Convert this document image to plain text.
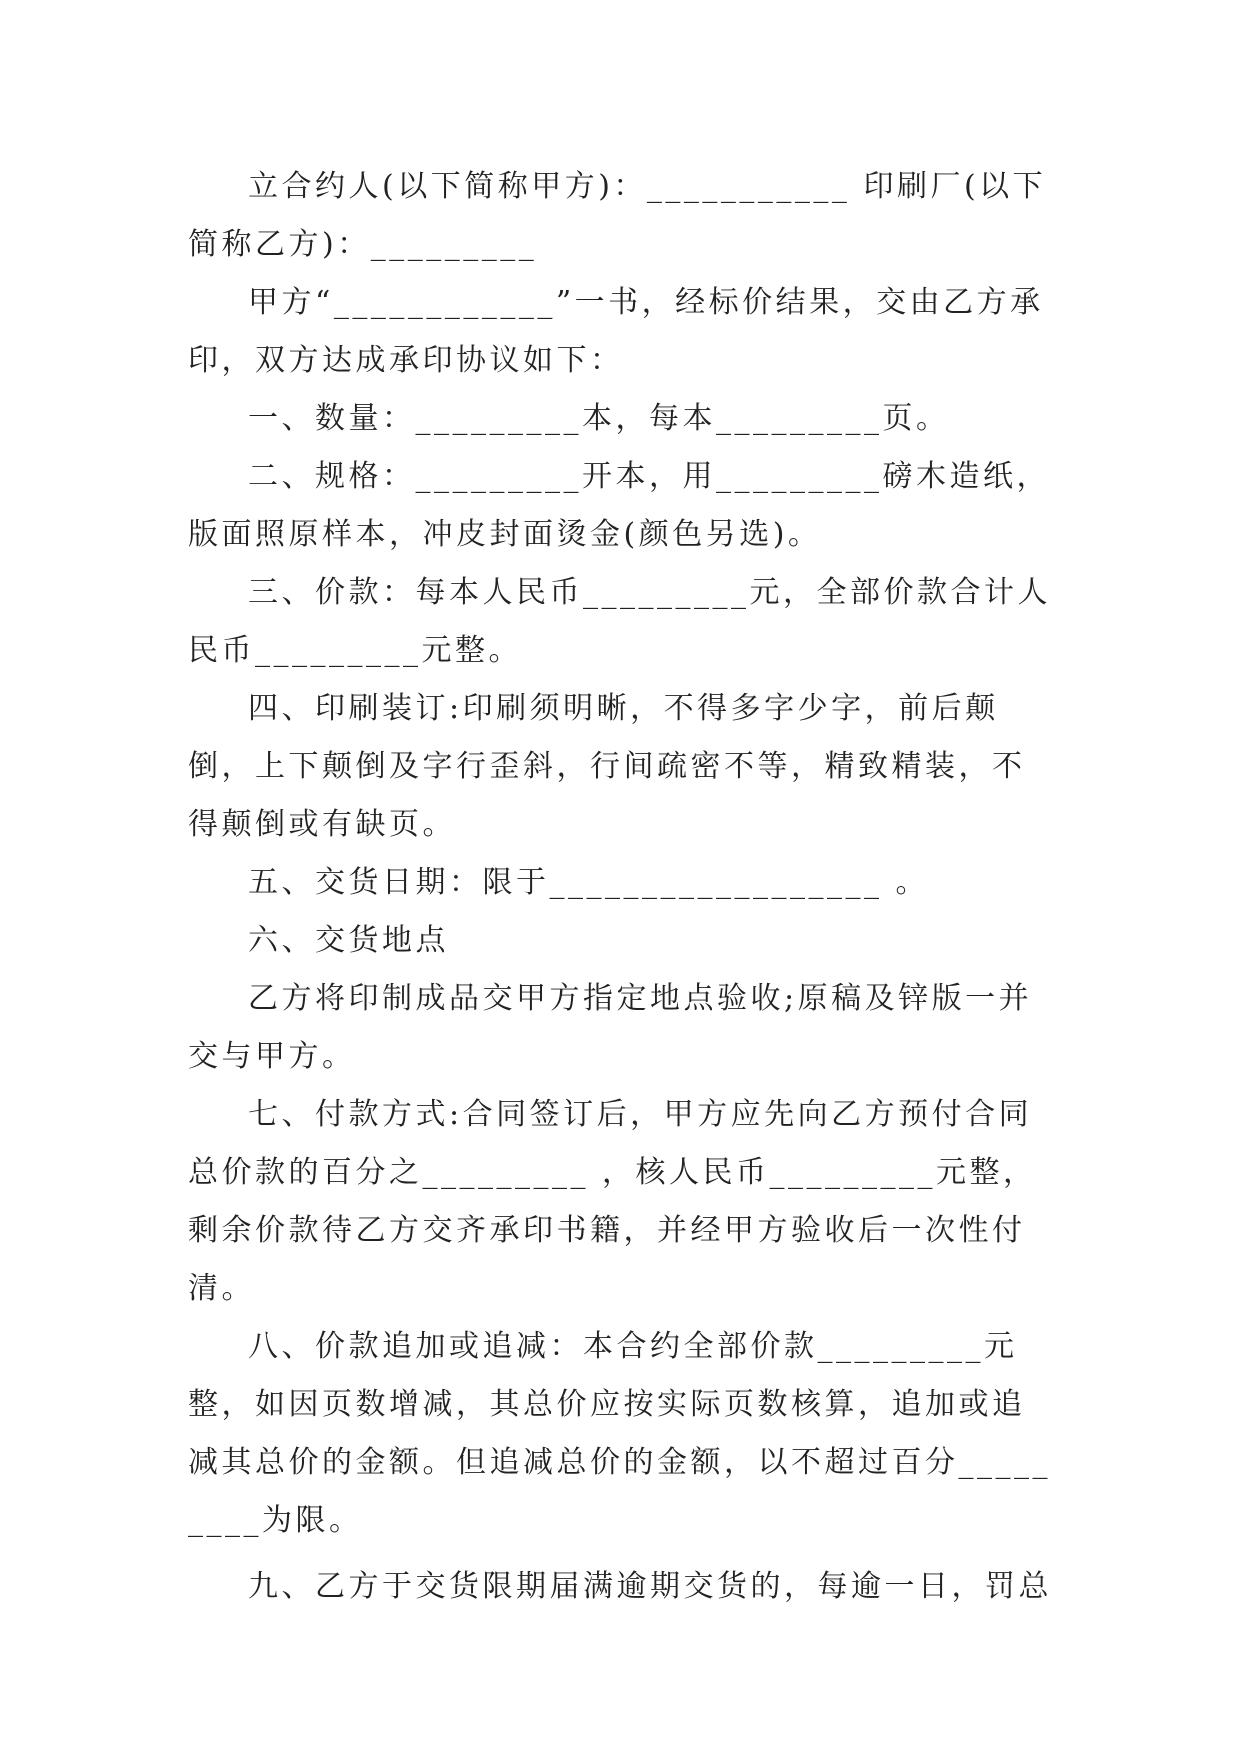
立合约人(以下简称甲方)：___________ 印刷厂(以下简称乙方)：_________

甲方“____________”一书，经标价结果，交由乙方承印，双方达成承印协议如下：

一、数量：_________本，每本_________页。

二、规格：_________开本，用_________磅木造纸，版面照原样本，冲皮封面烫金(颜色另选)。

三、价款：每本人民币_________元，全部价款合计人民币_________元整。

四、印刷装订:印刷须明晰，不得多字少字，前后颠倒，上下颠倒及字行歪斜，行间疏密不等，精致精装，不得颠倒或有缺页。

五、交货日期：限于__________________ 。

六、交货地点

乙方将印制成品交甲方指定地点验收;原稿及锌版一并交与甲方。

七、付款方式:合同签订后，甲方应先向乙方预付合同总价款的百分之_________ ，核人民币_________元整，剩余价款待乙方交齐承印书籍，并经甲方验收后一次性付清。

八、价款追加或追减：本合约全部价款_________元整，如因页数增减，其总价应按实际页数核算，追加或追减其总价的金额。但追减总价的金额，以不超过百分_________为限。

九、乙方于交货限期届满逾期交货的，每逾一日，罚总
